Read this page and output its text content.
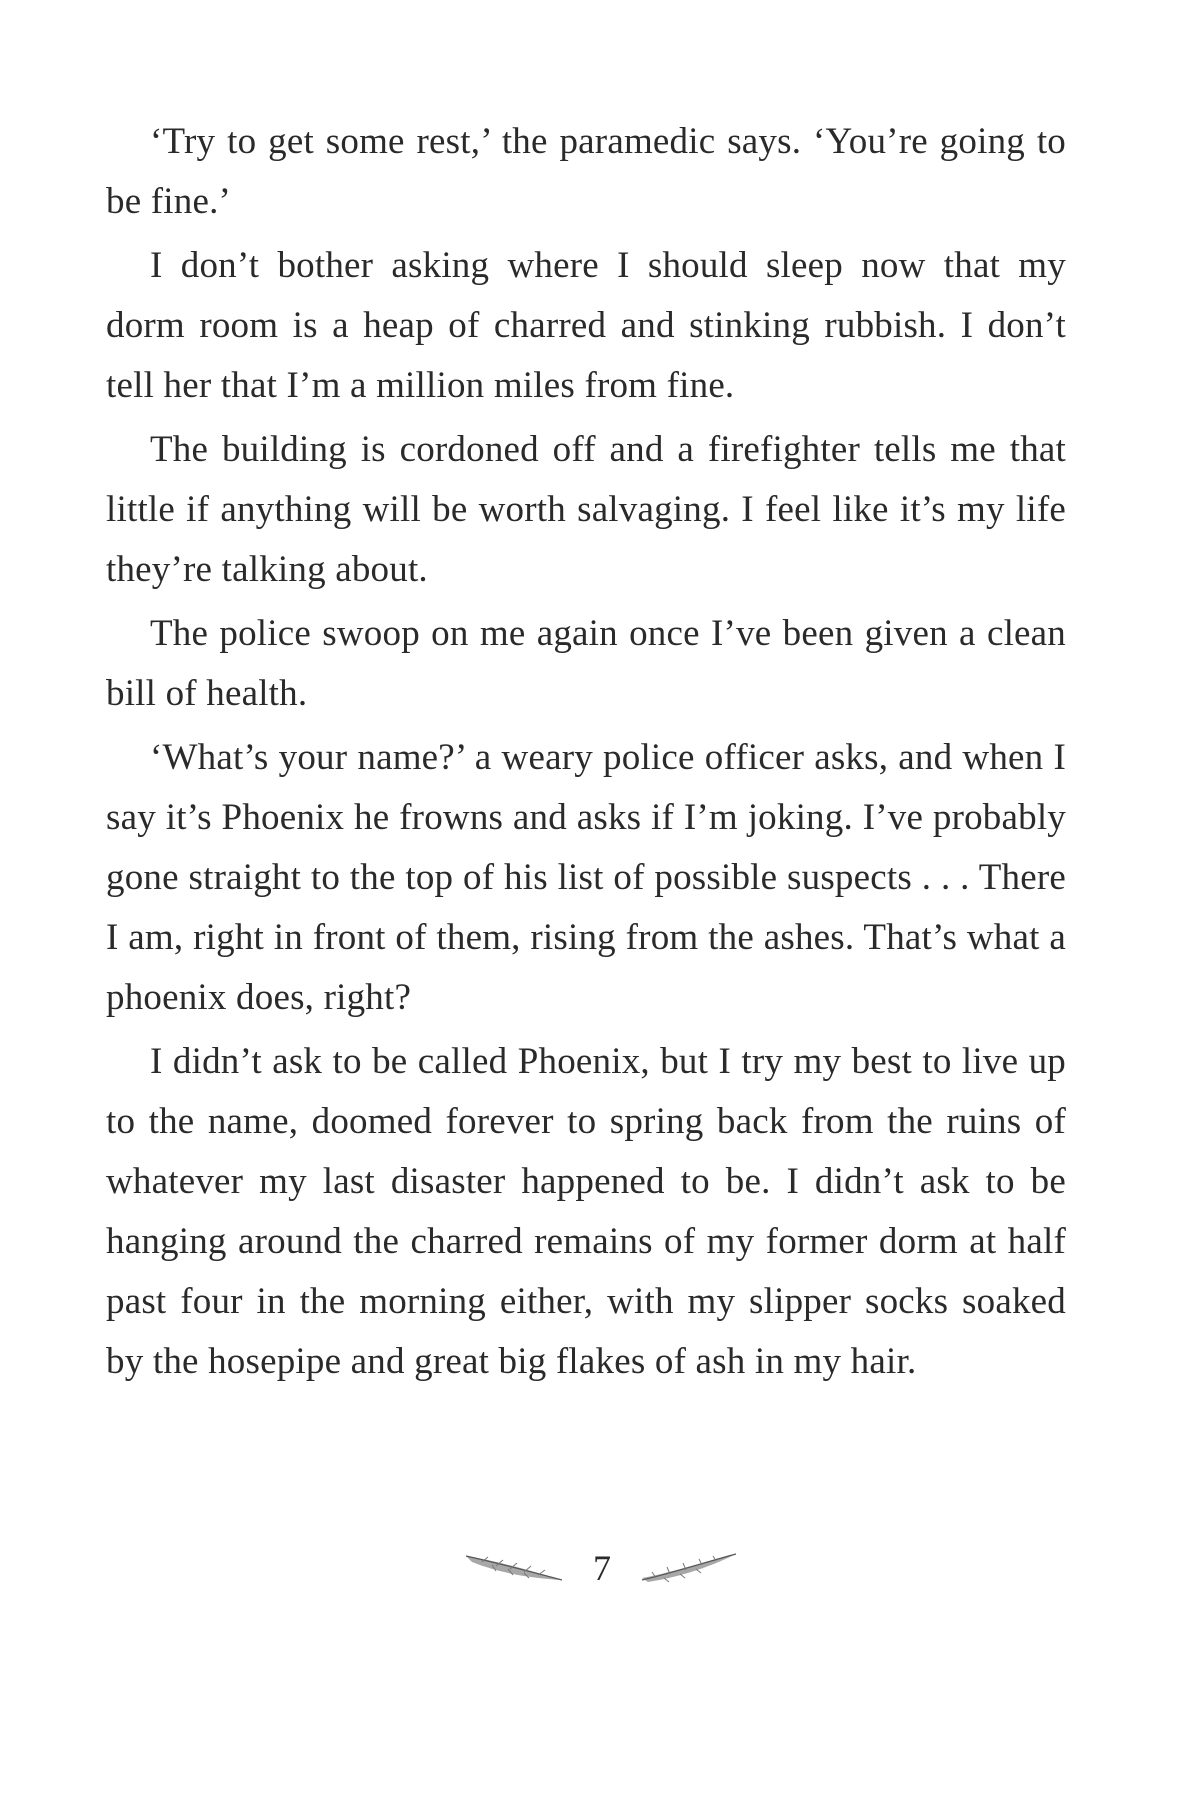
‘Try to get some rest,’ the paramedic says. ‘You’re going to be fine.’

I don’t bother asking where I should sleep now that my dorm room is a heap of charred and stinking rubbish. I don’t tell her that I’m a million miles from fine.

The building is cordoned off and a firefighter tells me that little if anything will be worth salvaging. I feel like it’s my life they’re talking about.

The police swoop on me again once I’ve been given a clean bill of health.

‘What’s your name?’ a weary police officer asks, and when I say it’s Phoenix he frowns and asks if I’m joking. I’ve probably gone straight to the top of his list of possible suspects . . . There I am, right in front of them, rising from the ashes. That’s what a phoenix does, right?

I didn’t ask to be called Phoenix, but I try my best to live up to the name, doomed forever to spring back from the ruins of whatever my last disaster happened to be. I didn’t ask to be hanging around the charred remains of my former dorm at half past four in the morning either, with my slipper socks soaked by the hosepipe and great big flakes of ash in my hair.

7
